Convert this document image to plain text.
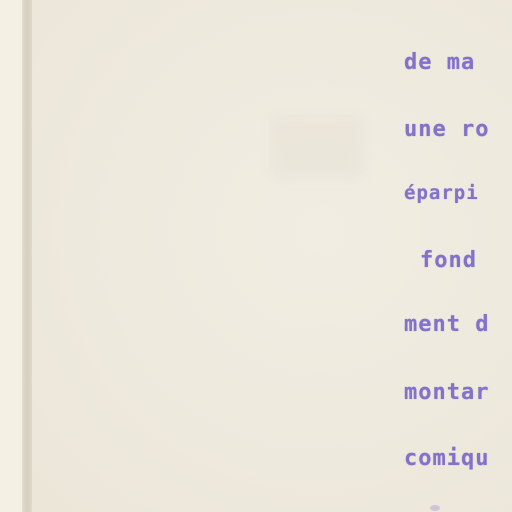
de ma
une ro
éparpi
fond
ment d
montar
comiqu
